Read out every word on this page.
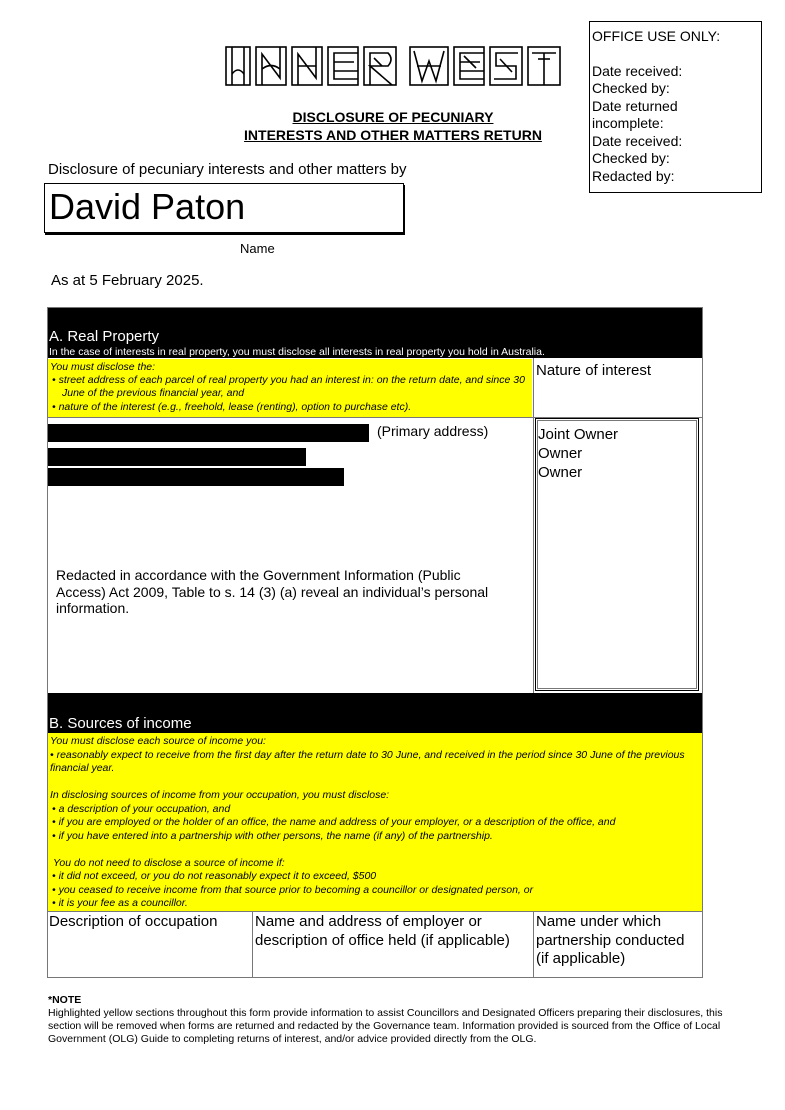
DISCLOSURE OF PECUNIARY
INTERESTS AND OTHER MATTERS RETURN
OFFICE USE ONLY:
Date received:
Checked by:
Date returned
incomplete:
Date received:
Checked by:
Redacted by:
Disclosure of pecuniary interests and other matters by
David Paton
Name
As at 5 February 2025.
A. Real Property
In the case of interests in real property, you must disclose all interests in real property you hold in Australia.
You must disclose the:
• street address of each parcel of real property you had an interest in: on the return date, and since 30 June of the previous financial year, and
• nature of the interest (e.g., freehold, lease (renting), option to purchase etc).
Nature of interest
(Primary address)
Redacted in accordance with the Government Information (Public Access) Act 2009, Table to s. 14 (3) (a) reveal an individual’s personal information.
Joint Owner
Owner
Owner
B. Sources of income
You must disclose each source of income you:
• reasonably expect to receive from the first day after the return date to 30 June, and received in the period since 30 June of the previous financial year.
In disclosing sources of income from your occupation, you must disclose:
• a description of your occupation, and
• if you are employed or the holder of an office, the name and address of your employer, or a description of the office, and
• if you have entered into a partnership with other persons, the name (if any) of the partnership.
You do not need to disclose a source of income if:
• it did not exceed, or you do not reasonably expect it to exceed, $500
• you ceased to receive income from that source prior to becoming a councillor or designated person, or
• it is your fee as a councillor.
Description of occupation	Name and address of employer or description of office held (if applicable)
Name under which partnership conducted (if applicable)
*NOTE
Highlighted yellow sections throughout this form provide information to assist Councillors and Designated Officers preparing their disclosures, this section will be removed when forms are returned and redacted by the Governance team. Information provided is sourced from the Office of Local Government (OLG) Guide to completing returns of interest, and/or advice provided directly from the OLG.
